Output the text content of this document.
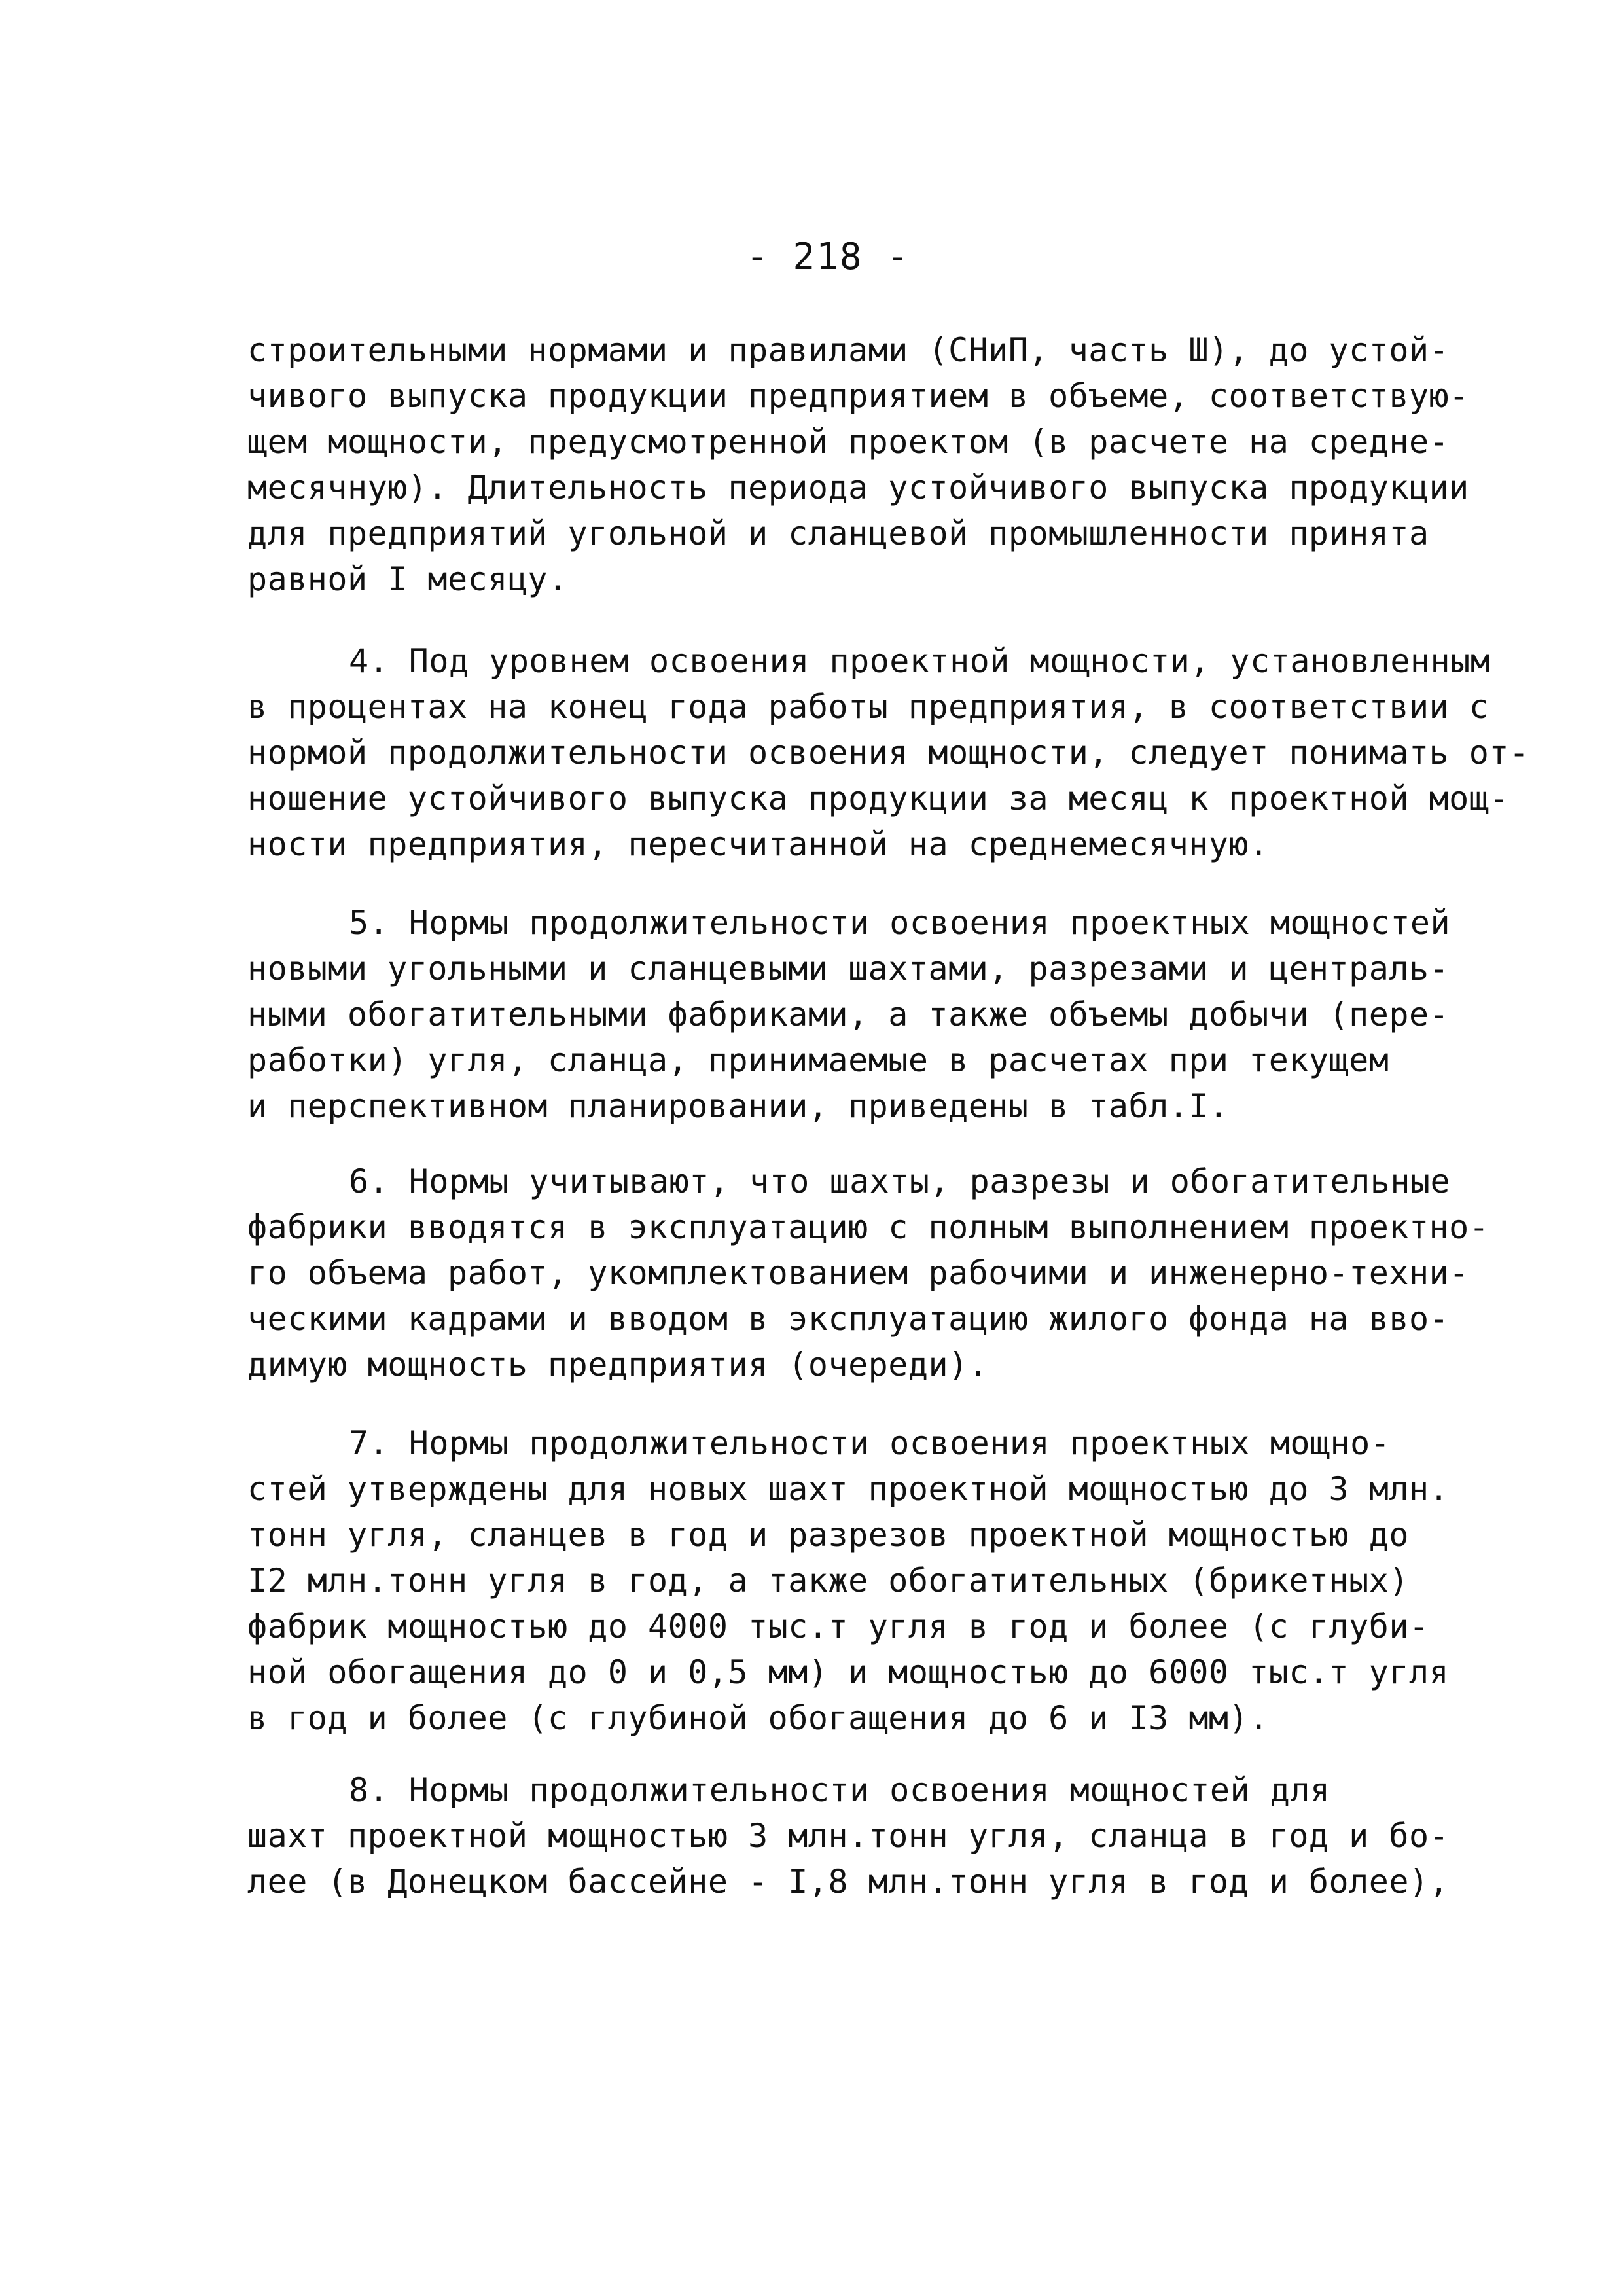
- 218 -
строительными нормами и правилами (СНиП, часть Ш), до устой-
чивого выпуска продукции предприятием в объеме, соответствую-
щем мощности, предусмотренной проектом (в расчете на средне-
месячную). Длительность периода устойчивого выпуска продукции
для предприятий угольной и сланцевой промышленности принята
равной I месяцу.
4. Под уровнем освоения проектной мощности, установленным
в процентах на конец года работы предприятия, в соответствии с
нормой продолжительности освоения мощности, следует понимать от-
ношение устойчивого выпуска продукции за месяц к проектной мощ-
ности предприятия, пересчитанной на среднемесячную.
5. Нормы продолжительности освоения проектных мощностей
новыми угольными и сланцевыми шахтами, разрезами и централь-
ными обогатительными фабриками, а также объемы добычи (пере-
работки) угля, сланца, принимаемые в расчетах при текущем
и перспективном планировании, приведены в табл.I.
6. Нормы учитывают, что шахты, разрезы и обогатительные
фабрики вводятся в эксплуатацию с полным выполнением проектно-
го объема работ, укомплектованием рабочими и инженерно-техни-
ческими кадрами и вводом в эксплуатацию жилого фонда на вво-
димую мощность предприятия (очереди).
7. Нормы продолжительности освоения проектных мощно-
стей утверждены для новых шахт проектной мощностью до 3 млн.
тонн угля, сланцев в год и разрезов проектной мощностью до
I2 млн.тонн угля в год, а также обогатительных (брикетных)
фабрик мощностью до 4000 тыс.т угля в год и более (с глуби-
ной обогащения до 0 и 0,5 мм) и мощностью до 6000 тыс.т угля
в год и более (с глубиной обогащения до 6 и I3 мм).
8. Нормы продолжительности освоения мощностей для
шахт проектной мощностью 3 млн.тонн угля, сланца в год и бо-
лее (в Донецком бассейне - I,8 млн.тонн угля в год и более),
